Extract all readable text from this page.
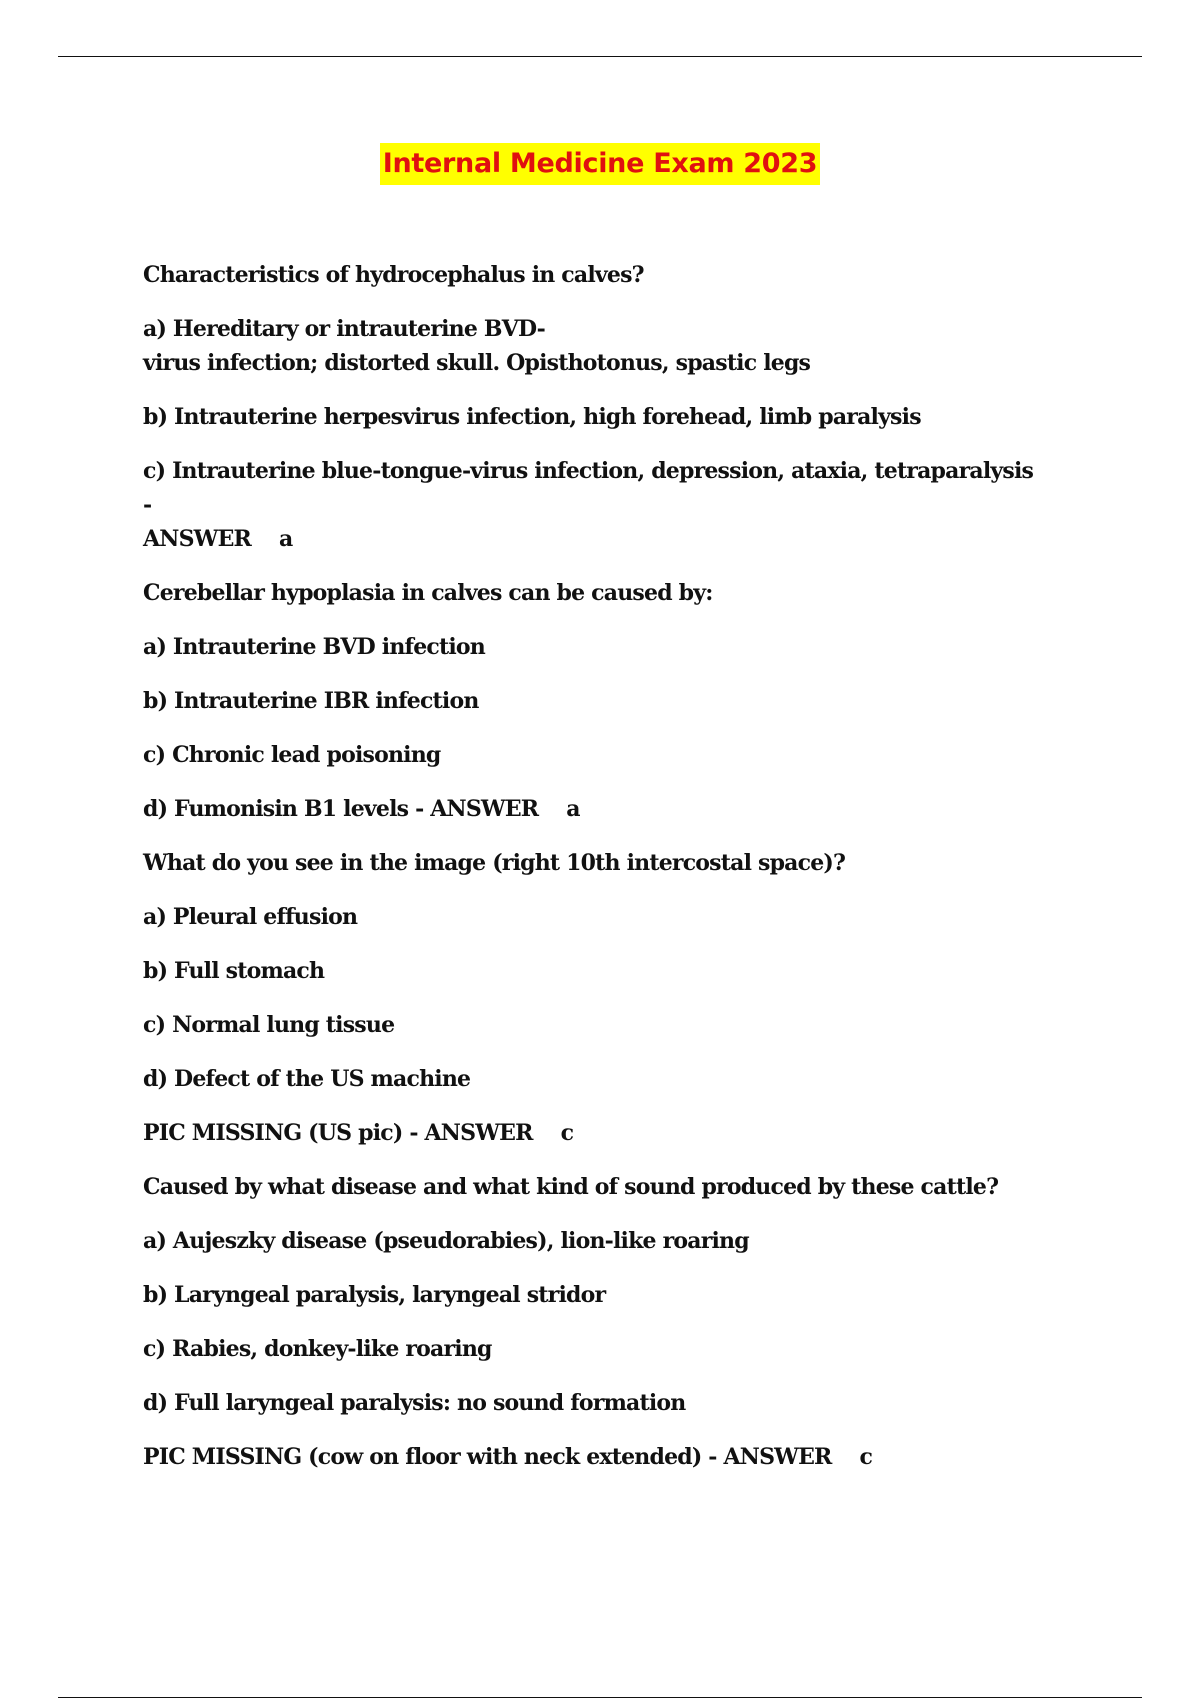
Internal Medicine Exam 2023
Characteristics of hydrocephalus in calves?
a) Hereditary or intrauterine BVD-
virus infection; distorted skull. Opisthotonus, spastic legs
b) Intrauterine herpesvirus infection, high forehead, limb paralysis
c) Intrauterine blue-tongue-virus infection, depression, ataxia, tetraparalysis -
ANSWER a
Cerebellar hypoplasia in calves can be caused by:
a) Intrauterine BVD infection
b) Intrauterine IBR infection
c) Chronic lead poisoning
d) Fumonisin B1 levels - ANSWER a
What do you see in the image (right 10th intercostal space)?
a) Pleural effusion
b) Full stomach
c) Normal lung tissue
d) Defect of the US machine
PIC MISSING (US pic) - ANSWER c
Caused by what disease and what kind of sound produced by these cattle?
a) Aujeszky disease (pseudorabies), lion-like roaring
b) Laryngeal paralysis, laryngeal stridor
c) Rabies, donkey-like roaring
d) Full laryngeal paralysis: no sound formation
PIC MISSING (cow on floor with neck extended) - ANSWER c
